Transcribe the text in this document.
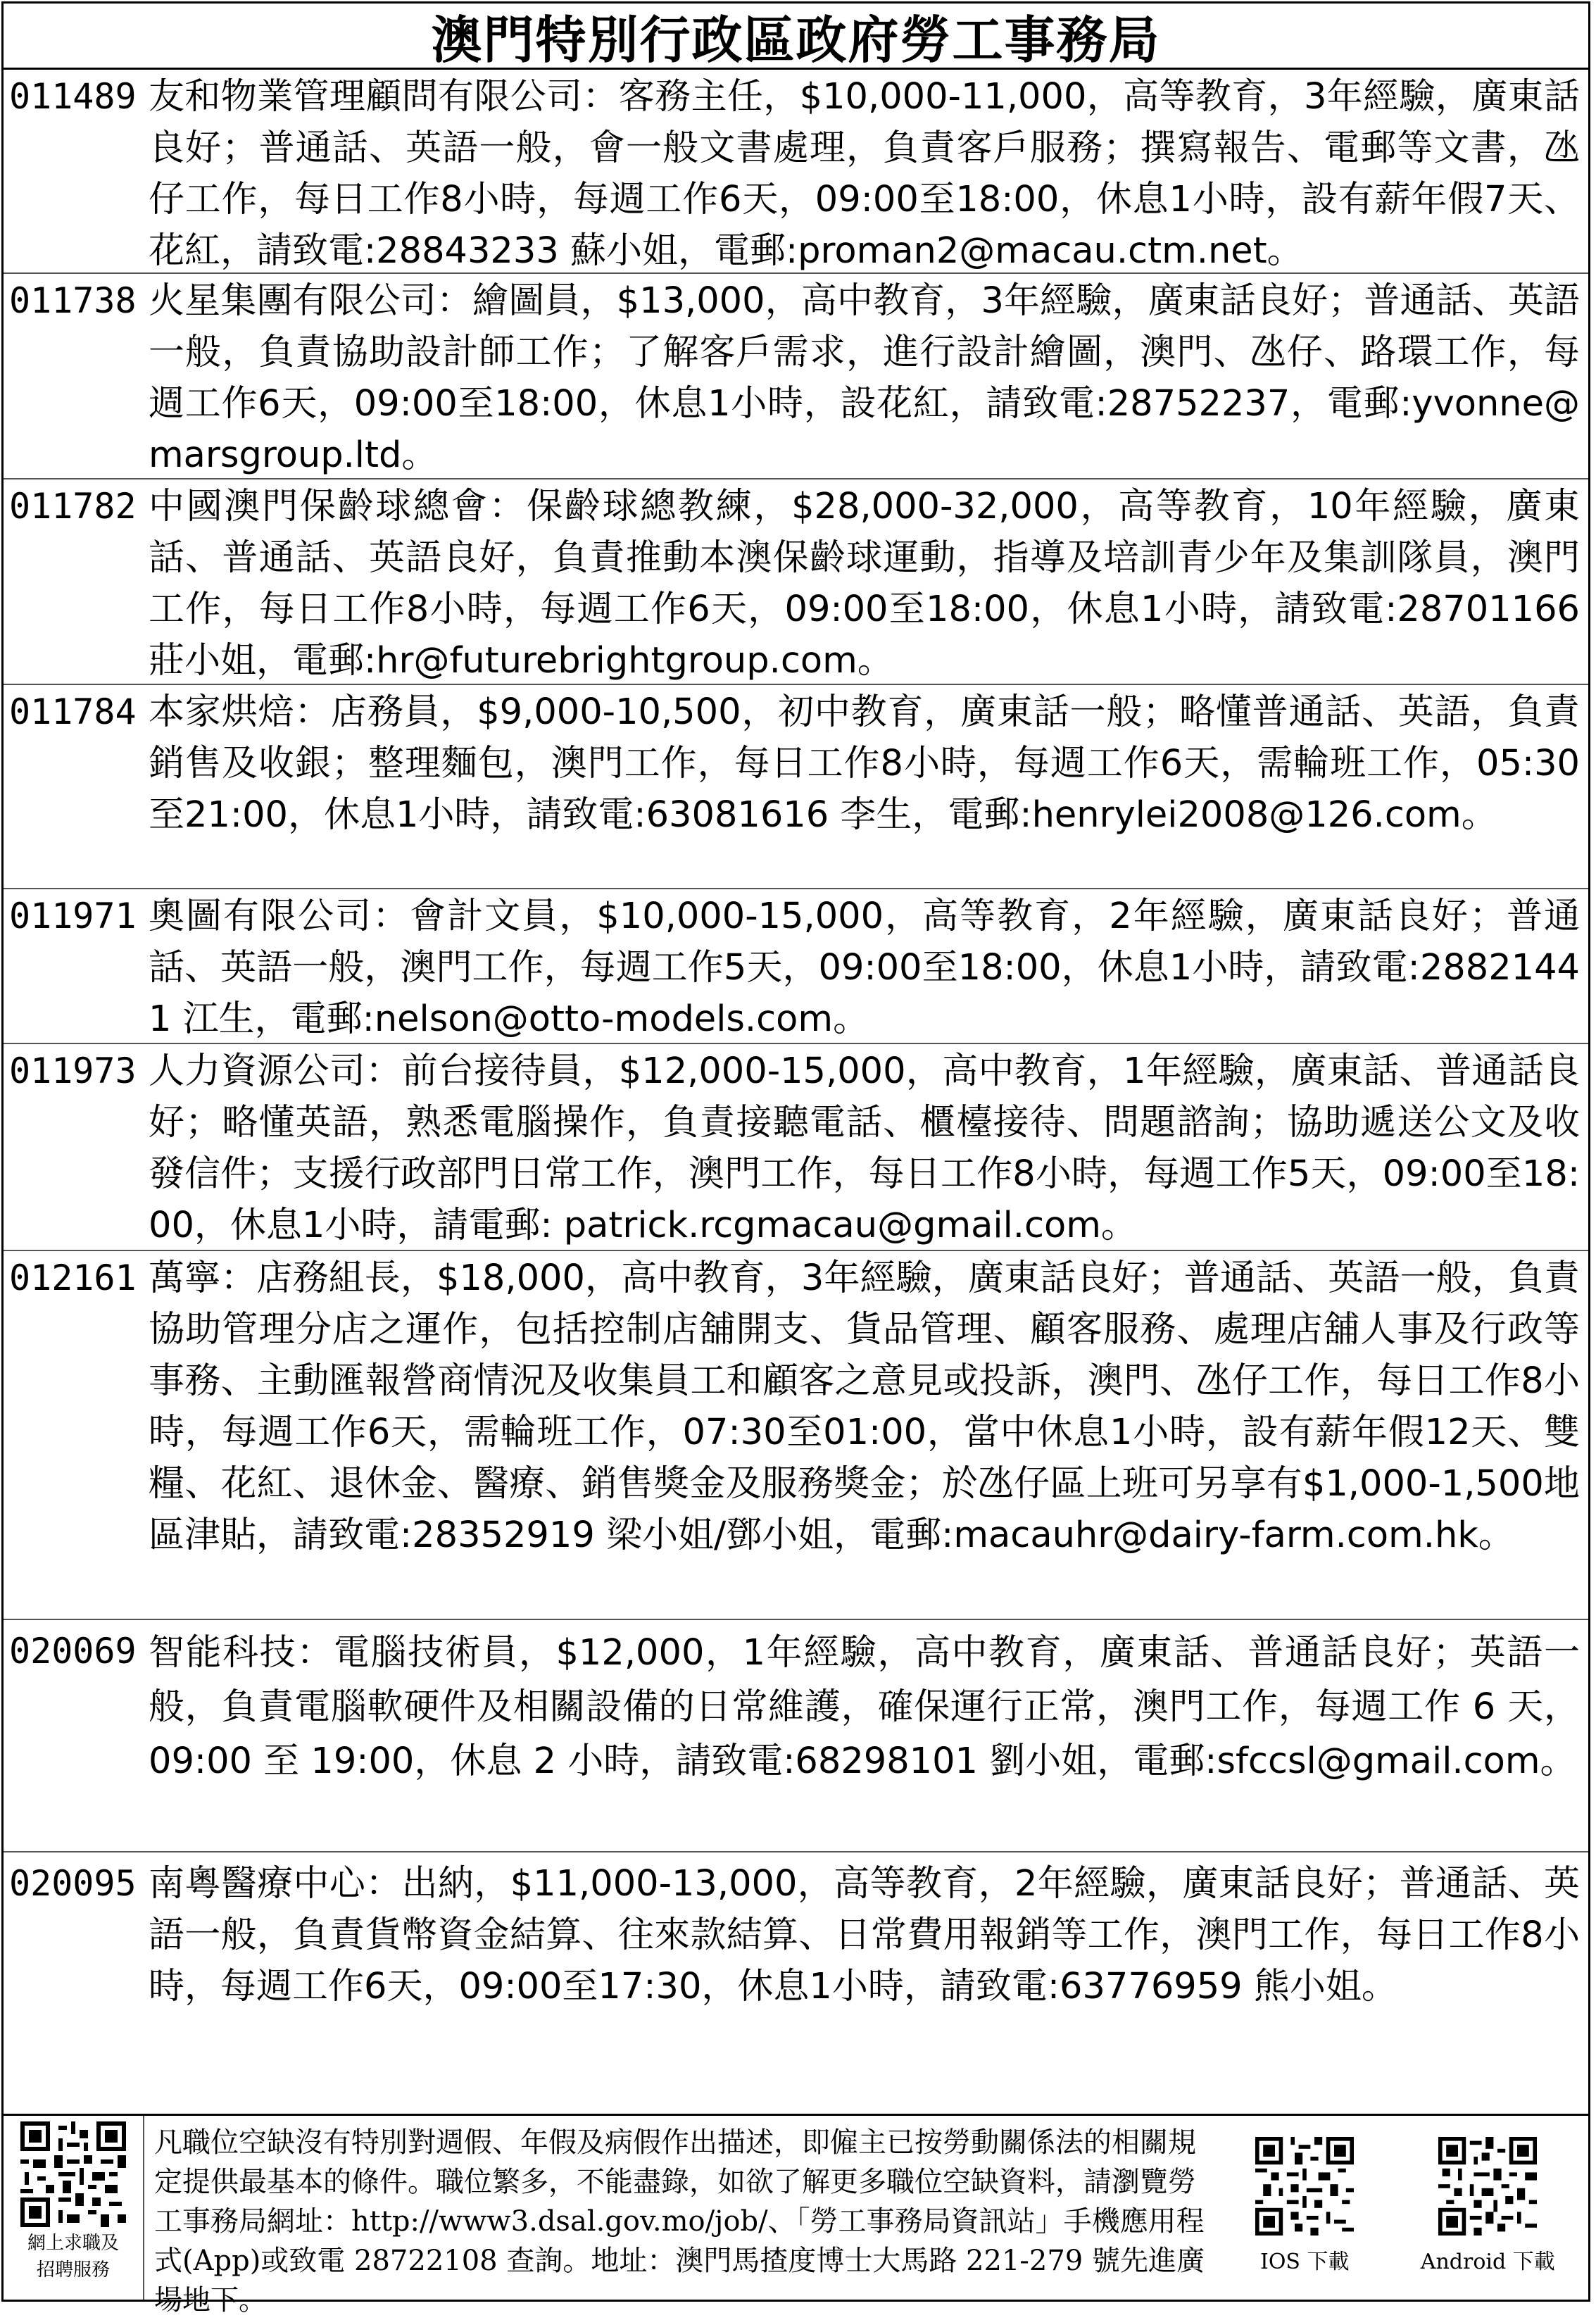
澳門特別行政區政府勞工事務局
011489 友和物業管理顧問有限公司：客務主任，$10,000-11,000，高等教育，3年經驗，廣東話良好；普通話、英語一般，會一般文書處理，負責客戶服務；撰寫報告、電郵等文書，氹仔工作，每日工作8小時，每週工作6天，09:00至18:00，休息1小時，設有薪年假7天、花紅，請致電:28843233 蘇小姐，電郵:proman2@macau.ctm.net。
011738 火星集團有限公司：繪圖員，$13,000，高中教育，3年經驗，廣東話良好；普通話、英語一般，負責協助設計師工作；了解客戶需求，進行設計繪圖，澳門、氹仔、路環工作，每週工作6天，09:00至18:00，休息1小時，設花紅，請致電:28752237，電郵:yvonne@marsgroup.ltd。
011782 中國澳門保齡球總會：保齡球總教練，$28,000-32,000，高等教育，10年經驗，廣東話、普通話、英語良好，負責推動本澳保齡球運動，指導及培訓青少年及集訓隊員，澳門工作，每日工作8小時，每週工作6天，09:00至18:00，休息1小時，請致電:28701166 莊小姐，電郵:hr@futurebrightgroup.com。
011784 本家烘焙：店務員，$9,000-10,500，初中教育，廣東話一般；略懂普通話、英語，負責銷售及收銀；整理麵包，澳門工作，每日工作8小時，每週工作6天，需輪班工作，05:30至21:00，休息1小時，請致電:63081616 李生，電郵:henrylei2008@126.com。
011971 奧圖有限公司：會計文員，$10,000-15,000，高等教育，2年經驗，廣東話良好；普通話、英語一般，澳門工作，每週工作5天，09:00至18:00，休息1小時，請致電:28821441 江生，電郵:nelson@otto-models.com。
011973 人力資源公司：前台接待員，$12,000-15,000，高中教育，1年經驗，廣東話、普通話良好；略懂英語，熟悉電腦操作，負責接聽電話、櫃檯接待、問題諮詢；協助遞送公文及收發信件；支援行政部門日常工作，澳門工作，每日工作8小時，每週工作5天，09:00至18:00，休息1小時，請電郵: patrick.rcgmacau@gmail.com。
012161 萬寧：店務組長，$18,000，高中教育，3年經驗，廣東話良好；普通話、英語一般，負責協助管理分店之運作，包括控制店舖開支、貨品管理、顧客服務、處理店舖人事及行政等事務、主動匯報營商情況及收集員工和顧客之意見或投訴，澳門、氹仔工作，每日工作8小時，每週工作6天，需輪班工作，07:30至01:00，當中休息1小時，設有薪年假12天、雙糧、花紅、退休金、醫療、銷售獎金及服務獎金；於氹仔區上班可另享有$1,000-1,500地區津貼，請致電:28352919 梁小姐/鄧小姐，電郵:macauhr@dairy-farm.com.hk。
020069 智能科技：電腦技術員，$12,000，1年經驗，高中教育，廣東話、普通話良好；英語一般，負責電腦軟硬件及相關設備的日常維護，確保運行正常，澳門工作，每週工作 6 天，09:00 至 19:00，休息 2 小時，請致電:68298101 劉小姐，電郵:sfccsl@gmail.com。
020095 南粵醫療中心：出納，$11,000-13,000，高等教育，2年經驗，廣東話良好；普通話、英語一般，負責貨幣資金結算、往來款結算、日常費用報銷等工作，澳門工作，每日工作8小時，每週工作6天，09:00至17:30，休息1小時，請致電:63776959 熊小姐。
網上求職及
招聘服務
凡職位空缺沒有特別對週假、年假及病假作出描述，即僱主已按勞動關係法的相關規定提供最基本的條件。職位繁多，不能盡錄，如欲了解更多職位空缺資料，請瀏覽勞工事務局網址：http://www3.dsal.gov.mo/job/、「勞工事務局資訊站」手機應用程式(App)或致電 28722108 查詢。地址：澳門馬揸度博士大馬路 221-279 號先進廣場地下。
IOS 下載	Android 下載
